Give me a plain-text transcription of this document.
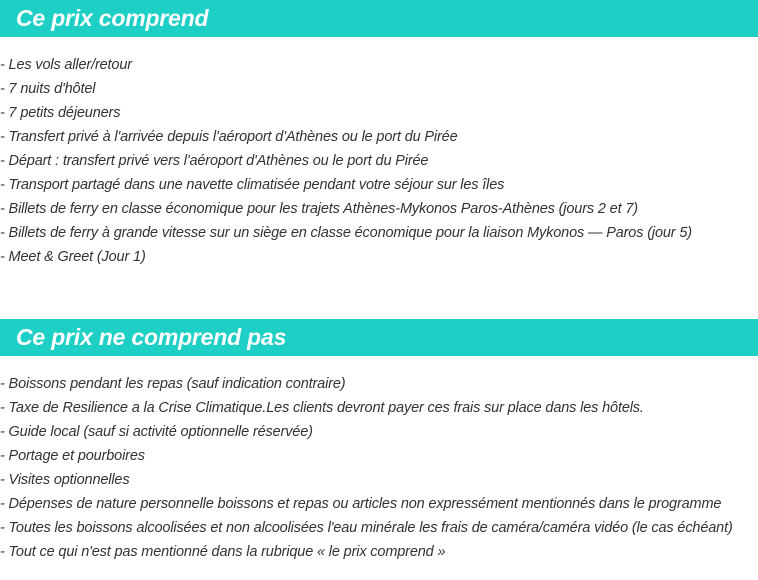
Ce prix comprend
- Les vols aller/retour
- 7 nuits d'hôtel
- 7 petits déjeuners
- Transfert privé à l'arrivée depuis l'aéroport d'Athènes ou le port du Pirée
- Départ : transfert privé vers l'aéroport d'Athènes ou le port du Pirée
- Transport partagé dans une navette climatisée pendant votre séjour sur les îles
- Billets de ferry en classe économique pour les trajets Athènes-Mykonos Paros-Athènes (jours 2 et 7)
- Billets de ferry à grande vitesse sur un siège en classe économique pour la liaison Mykonos — Paros (jour 5)
- Meet & Greet (Jour 1)
Ce prix ne comprend pas
- Boissons pendant les repas (sauf indication contraire)
- Taxe de Resilience a la Crise Climatique.Les clients devront payer ces frais sur place dans les hôtels.
- Guide local (sauf si activité optionnelle réservée)
- Portage et pourboires
- Visites optionnelles
- Dépenses de nature personnelle boissons et repas ou articles non expressément mentionnés dans le programme
- Toutes les boissons alcoolisées et non alcoolisées l'eau minérale les frais de caméra/caméra vidéo (le cas échéant)
- Tout ce qui n'est pas mentionné dans la rubrique « le prix comprend »
